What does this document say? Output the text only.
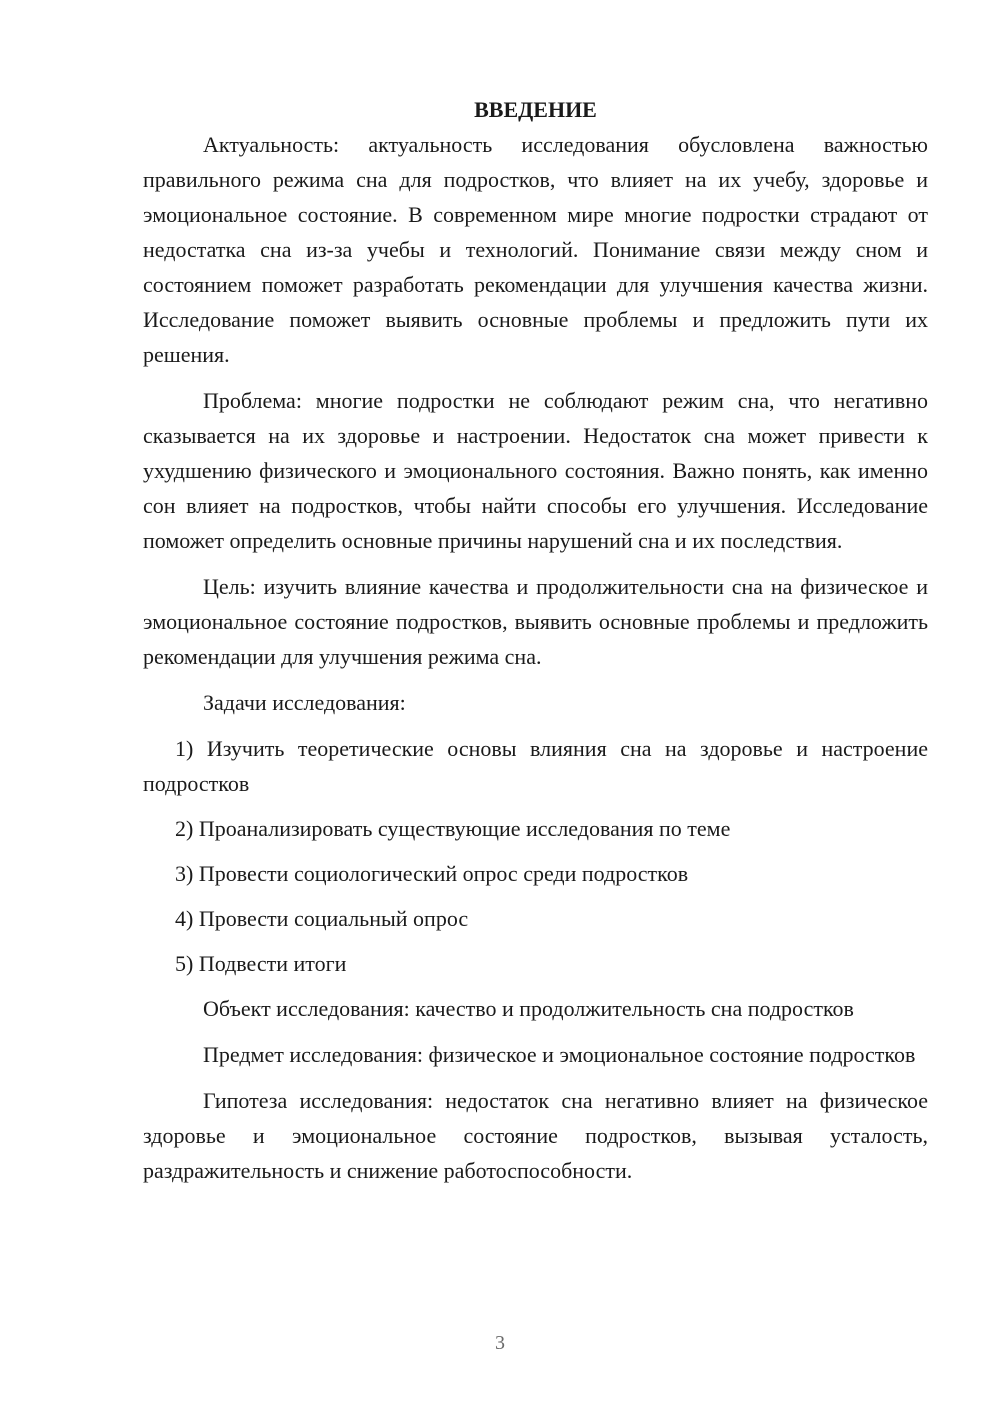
ВВЕДЕНИЕ

Актуальность: актуальность исследования обусловлена важностью правильного режима сна для подростков, что влияет на их учебу, здоровье и эмоциональное состояние. В современном мире многие подростки страдают от недостатка сна из-за учебы и технологий. Понимание связи между сном и состоянием поможет разработать рекомендации для улучшения качества жизни. Исследование поможет выявить основные проблемы и предложить пути их решения.

Проблема: многие подростки не соблюдают режим сна, что негативно сказывается на их здоровье и настроении. Недостаток сна может привести к ухудшению физического и эмоционального состояния. Важно понять, как именно сон влияет на подростков, чтобы найти способы его улучшения. Исследование поможет определить основные причины нарушений сна и их последствия.

Цель: изучить влияние качества и продолжительности сна на физическое и эмоциональное состояние подростков, выявить основные проблемы и предложить рекомендации для улучшения режима сна.

Задачи исследования:

1) Изучить теоретические основы влияния сна на здоровье и настроение подростков

2) Проанализировать существующие исследования по теме

3) Провести социологический опрос среди подростков

4) Провести социальный опрос

5) Подвести итоги

Объект исследования: качество и продолжительность сна подростков

Предмет исследования: физическое и эмоциональное состояние подростков

Гипотеза исследования: недостаток сна негативно влияет на физическое здоровье и эмоциональное состояние подростков, вызывая усталость, раздражительность и снижение работоспособности.

3
